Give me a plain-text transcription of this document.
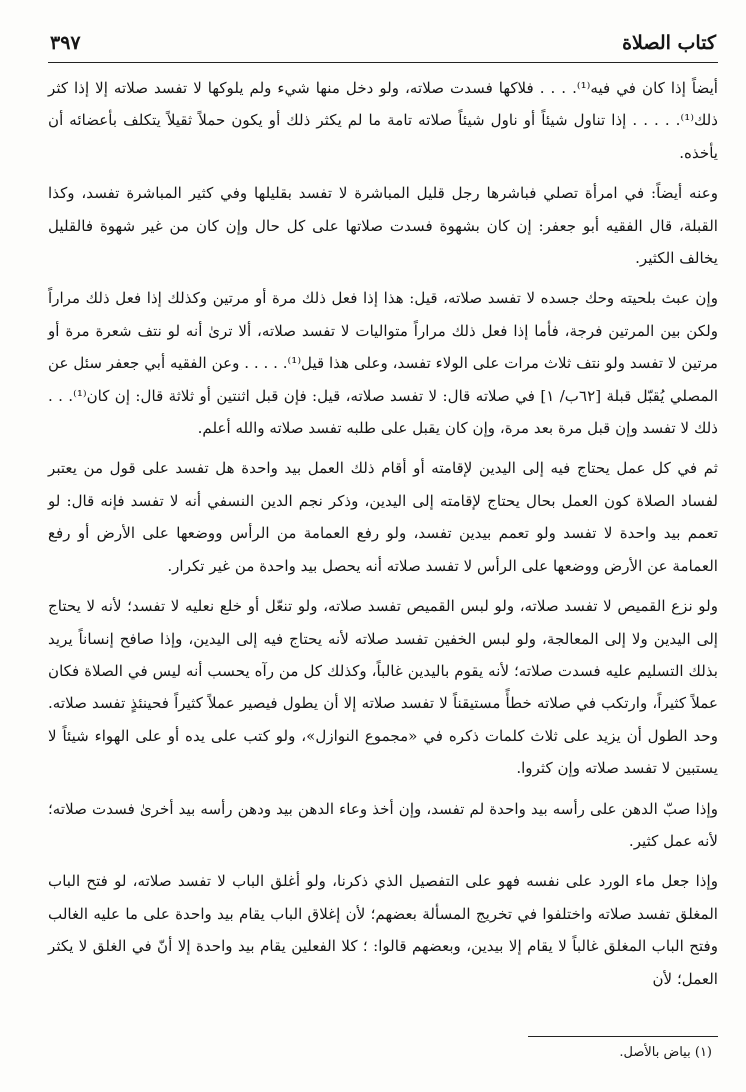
كتاب الصلاة
٣٩٧

أيضاً إذا كان في فيه⁽¹⁾. . . . فلاكها فسدت صلاته، ولو دخل منها شيء ولم يلوكها لا تفسد صلاته إلا إذا كثر ذلك⁽¹⁾. . . . . إذا تناول شيئاً أو ناول شيئاً صلاته تامة ما لم يكثر ذلك أو يكون حملاً ثقيلاً يتكلف بأعضائه أن يأخذه.

وعنه أيضاً: في امرأة تصلي فباشرها رجل قليل المباشرة لا تفسد بقليلها وفي كثير المباشرة تفسد، وكذا القبلة، قال الفقيه أبو جعفر: إن كان بشهوة فسدت صلاتها على كل حال وإن كان من غير شهوة فالقليل يخالف الكثير.

وإن عبث بلحيته وحك جسده لا تفسد صلاته، قيل: هذا إذا فعل ذلك مرة أو مرتين وكذلك إذا فعل ذلك مراراً ولكن بين المرتين فرجة، فأما إذا فعل ذلك مراراً متواليات لا تفسد صلاته، ألا ترىٰ أنه لو نتف شعرة مرة أو مرتين لا تفسد ولو نتف ثلاث مرات على الولاء تفسد، وعلى هذا قيل⁽¹⁾. . . . . وعن الفقيه أبي جعفر سئل عن المصلي يُقبّل قبلة [٦٢ب/ ١] في صلاته قال: لا تفسد صلاته، قيل: فإن قبل اثنتين أو ثلاثة قال: إن كان⁽¹⁾. . . ذلك لا تفسد وإن قبل مرة بعد مرة، وإن كان يقبل على طلبه تفسد صلاته والله أعلم.

ثم في كل عمل يحتاج فيه إلى اليدين لإقامته أو أقام ذلك العمل بيد واحدة هل تفسد على قول من يعتبر لفساد الصلاة كون العمل بحال يحتاج لإقامته إلى اليدين، وذكر نجم الدين النسفي أنه لا تفسد فإنه قال: لو تعمم بيد واحدة لا تفسد ولو تعمم بيدين تفسد، ولو رفع العمامة من الرأس ووضعها على الأرض أو رفع العمامة عن الأرض ووضعها على الرأس لا تفسد صلاته أنه يحصل بيد واحدة من غير تكرار.

ولو نزع القميص لا تفسد صلاته، ولو لبس القميص تفسد صلاته، ولو تنعّل أو خلع نعليه لا تفسد؛ لأنه لا يحتاج إلى اليدين ولا إلى المعالجة، ولو لبس الخفين تفسد صلاته لأنه يحتاج فيه إلى اليدين، وإذا صافح إنساناً يريد بذلك التسليم عليه فسدت صلاته؛ لأنه يقوم باليدين غالباً، وكذلك كل من رآه يحسب أنه ليس في الصلاة فكان عملاً كثيراً، وارتكب في صلاته خطأً مستيقناً لا تفسد صلاته إلا أن يطول فيصير عملاً كثيراً فحينئذٍ تفسد صلاته. وحد الطول أن يزيد على ثلاث كلمات ذكره في «مجموع النوازل»، ولو كتب على يده أو على الهواء شيئاً لا يستبين لا تفسد صلاته وإن كثروا.

وإذا صبّ الدهن على رأسه بيد واحدة لم تفسد، وإن أخذ وعاء الدهن بيد ودهن رأسه بيد أخرىٰ فسدت صلاته؛ لأنه عمل كثير.

وإذا جعل ماء الورد على نفسه فهو على التفصيل الذي ذكرنا، ولو أغلق الباب لا تفسد صلاته، لو فتح الباب المغلق تفسد صلاته واختلفوا في تخريج المسألة بعضهم؛ لأن إغلاق الباب يقام بيد واحدة على ما عليه الغالب وفتح الباب المغلق غالباً لا يقام إلا بيدين، وبعضهم قالوا: ؛ كلا الفعلين يقام بيد واحدة إلا أنّ في الغلق لا يكثر العمل؛ لأن

(١) بياض بالأصل.
